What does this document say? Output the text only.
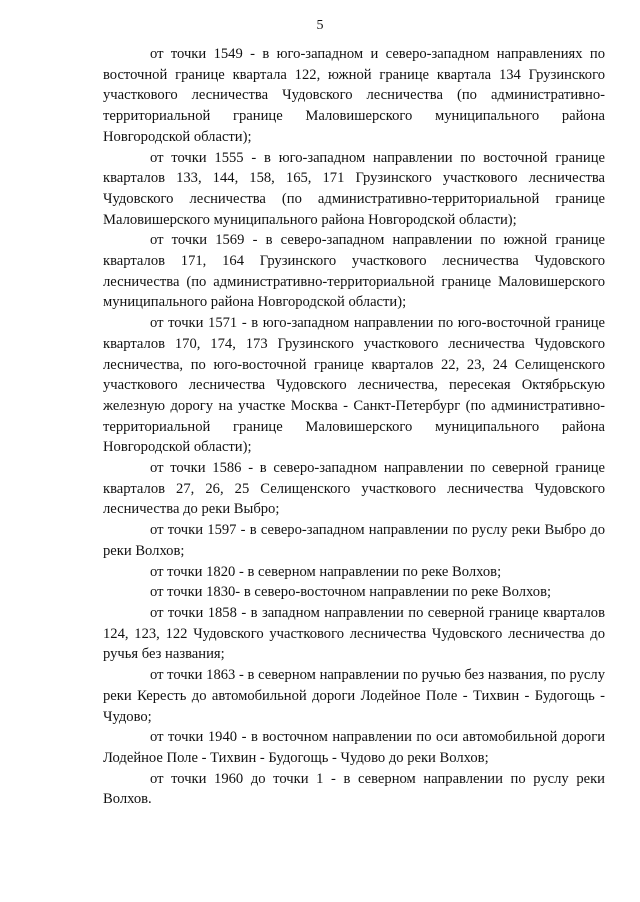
5

от точки 1549 - в юго-западном и северо-западном направлениях по восточной границе квартала 122, южной границе квартала 134 Грузинского участкового лесничества Чудовского лесничества (по административно-территориальной границе Маловишерского муниципального района Новгородской области);

от точки 1555 - в юго-западном направлении по восточной границе кварталов 133, 144, 158, 165, 171 Грузинского участкового лесничества Чудовского лесничества (по административно-территориальной границе Маловишерского муниципального района Новгородской области);

от точки 1569 - в северо-западном направлении по южной границе кварталов 171, 164 Грузинского участкового лесничества Чудовского лесничества (по административно-территориальной границе Маловишерского муниципального района Новгородской области);

от точки 1571 - в юго-западном направлении по юго-восточной границе кварталов 170, 174, 173 Грузинского участкового лесничества Чудовского лесничества, по юго-восточной границе кварталов 22, 23, 24 Селищенского участкового лесничества Чудовского лесничества, пересекая Октябрьскую железную дорогу на участке Москва - Санкт-Петербург (по административно-территориальной границе Маловишерского муниципального района Новгородской области);

от точки 1586 - в северо-западном направлении по северной границе кварталов 27, 26, 25 Селищенского участкового лесничества Чудовского лесничества до реки Выбро;

от точки 1597 - в северо-западном направлении по руслу реки Выбро до реки Волхов;

от точки 1820 - в северном направлении по реке Волхов;

от точки 1830- в северо-восточном направлении по реке Волхов;

от точки 1858 - в западном направлении по северной границе кварталов 124, 123, 122 Чудовского участкового лесничества Чудовского лесничества до ручья без названия;

от точки 1863 - в северном направлении по ручью без названия, по руслу реки Кересть до автомобильной дороги Лодейное Поле - Тихвин - Будогощь - Чудово;

от точки 1940 - в восточном направлении по оси автомобильной дороги Лодейное Поле - Тихвин - Будогощь - Чудово до реки Волхов;

от точки 1960 до точки 1 - в северном направлении по руслу реки Волхов.
